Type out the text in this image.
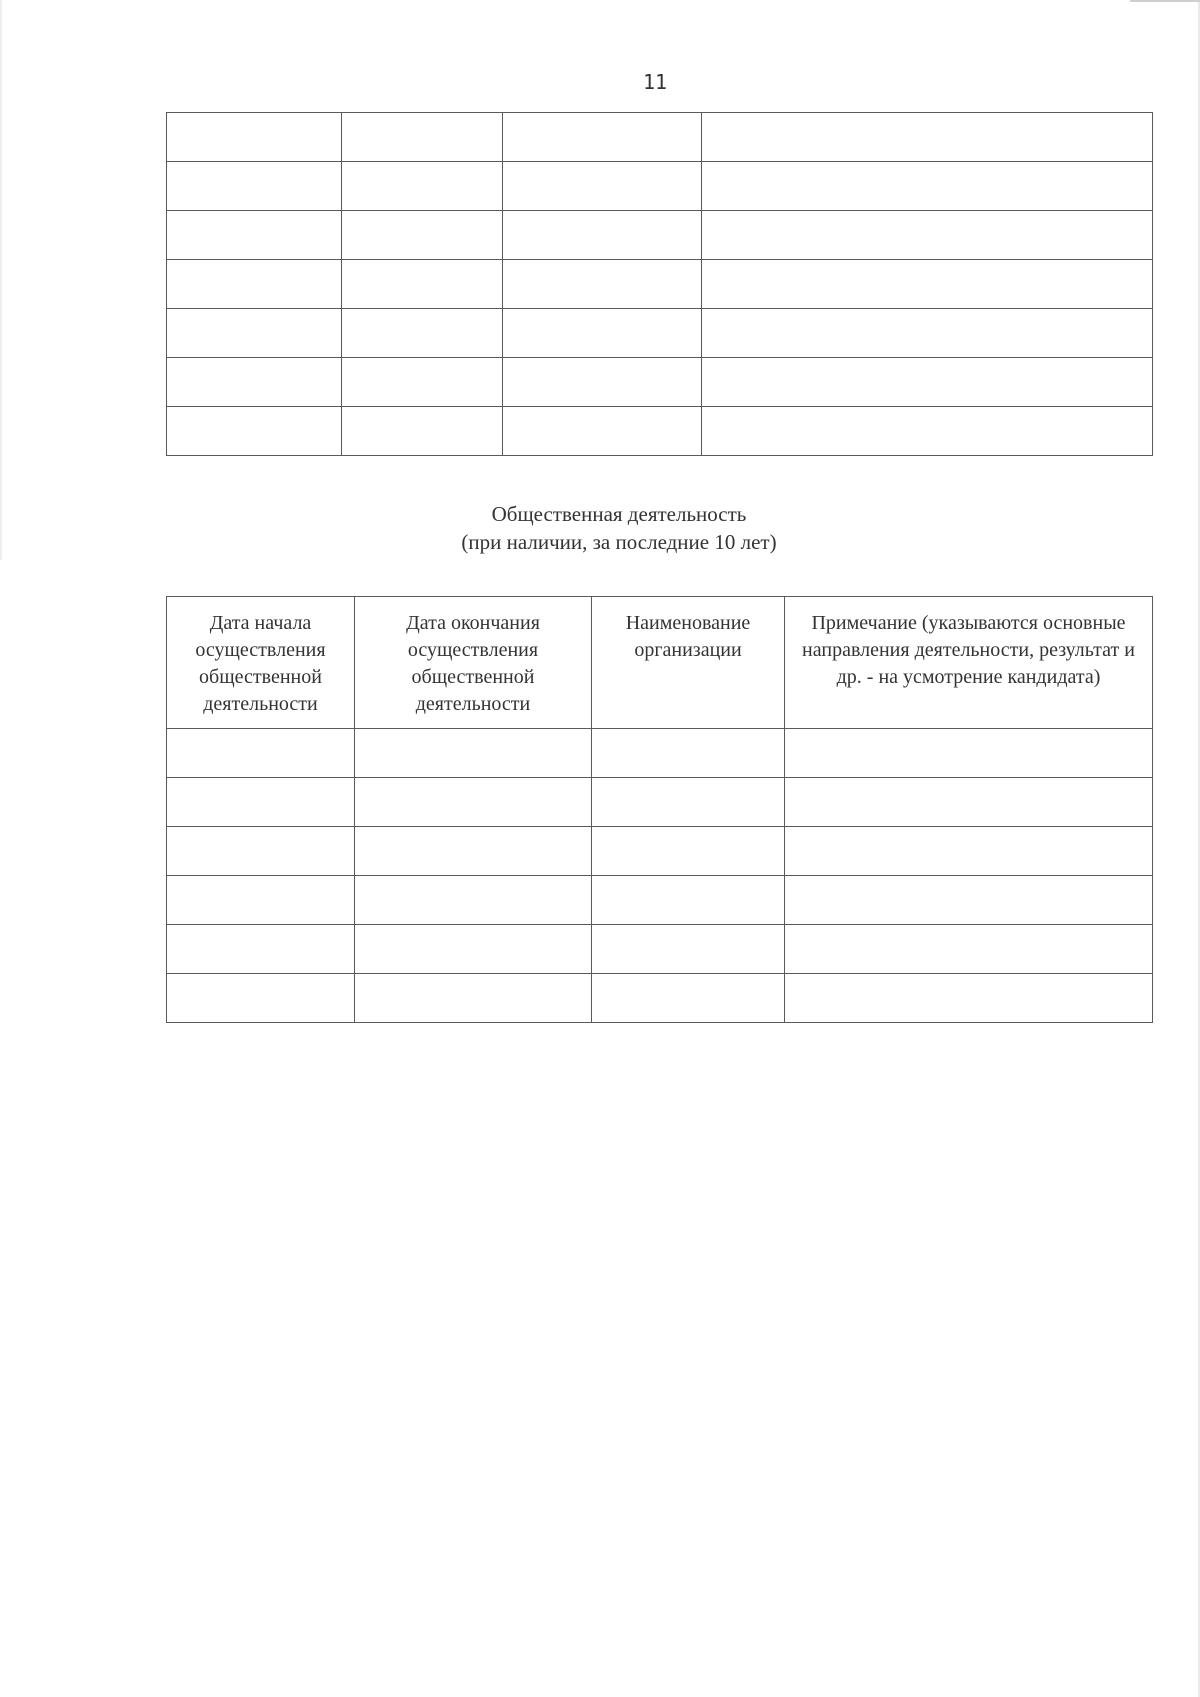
11

Общественная деятельность
(при наличии, за последние 10 лет)
Дата начала осуществления общественной деятельности	Дата окончания осуществления общественной деятельности	Наименование организации	Примечание (указываются основные направления деятельности, результат и др. - на усмотрение кандидата)
